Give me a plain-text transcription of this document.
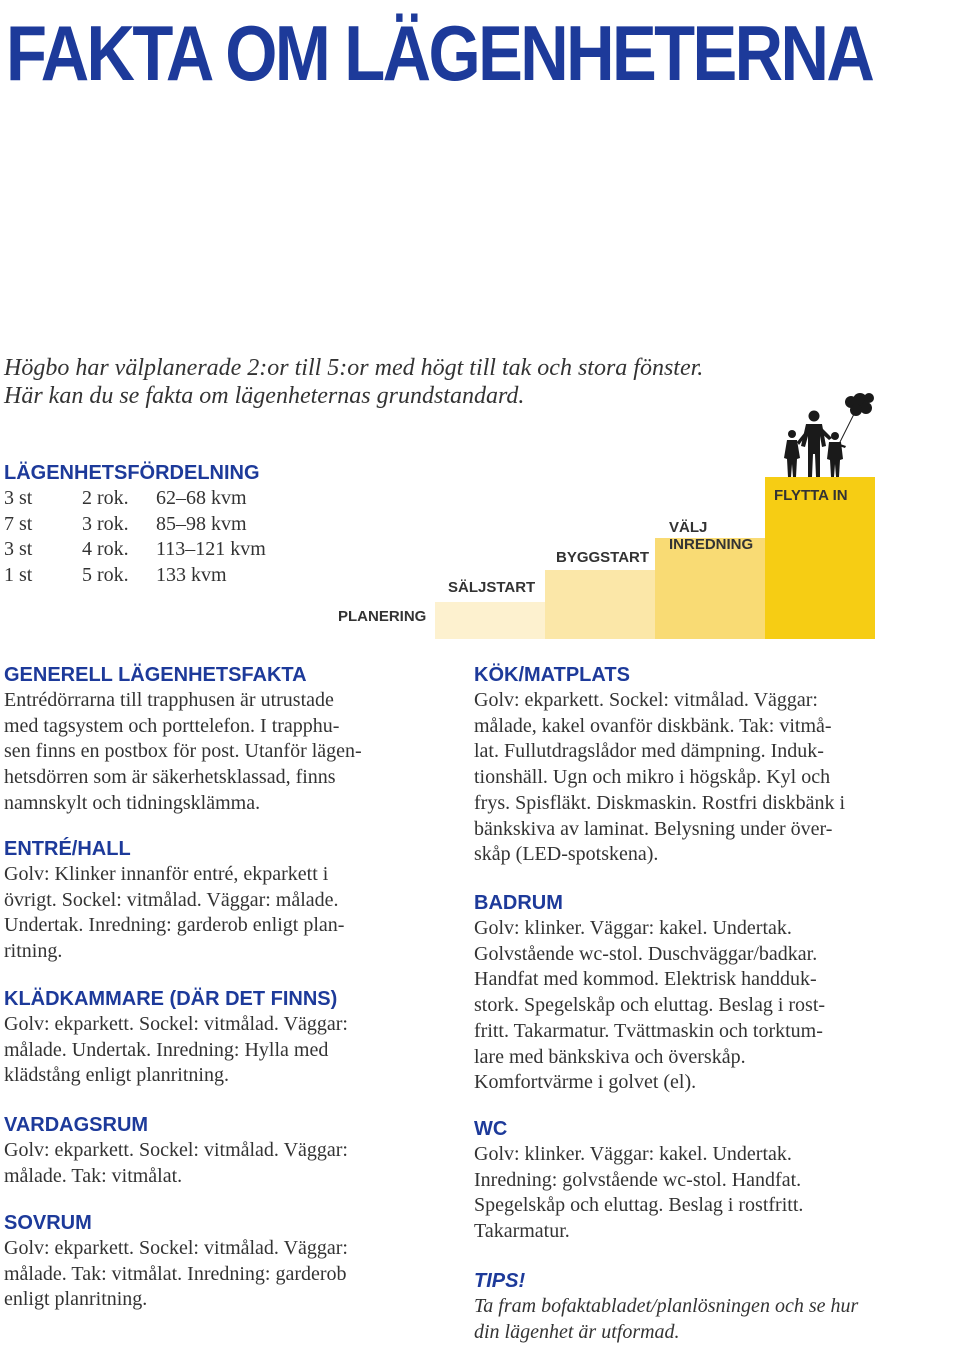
FAKTA OM LÄGENHETERNA
Högbo har välplanerade 2:or till 5:or med högt till tak och stora fönster.
Här kan du se fakta om lägenheternas grundstandard.
LÄGENHETSFÖRDELNING
3 st 2 rok. 62–68 kvm
7 st 3 rok. 85–98 kvm
3 st 4 rok. 113–121 kvm
1 st 5 rok. 133 kvm
PLANERING
SÄLJSTART
BYGGSTART
VÄLJ
INREDNING
FLYTTA IN
GENERELL LÄGENHETSFAKTA
Entrédörrarna till trapphusen är utrustade
med tagsystem och porttelefon. I trapphu-
sen finns en postbox för post. Utanför lägen-
hetsdörren som är säkerhetsklassad, finns
namnskylt och tidningsklämma.
ENTRÉ/HALL
Golv: Klinker innanför entré, ekparkett i
övrigt. Sockel: vitmålad. Väggar: målade.
Undertak. Inredning: garderob enligt plan-
ritning.
KLÄDKAMMARE (DÄR DET FINNS)
Golv: ekparkett. Sockel: vitmålad. Väggar:
målade. Undertak. Inredning: Hylla med
klädstång enligt planritning.
VARDAGSRUM
Golv: ekparkett. Sockel: vitmålad. Väggar:
målade. Tak: vitmålat.
SOVRUM
Golv: ekparkett. Sockel: vitmålad. Väggar:
målade. Tak: vitmålat. Inredning: garderob
enligt planritning.
KÖK/MATPLATS
Golv: ekparkett. Sockel: vitmålad. Väggar:
målade, kakel ovanför diskbänk. Tak: vitmå-
lat. Fullutdragslådor med dämpning. Induk-
tionshäll. Ugn och mikro i högskåp. Kyl och
frys. Spisfläkt. Diskmaskin. Rostfri diskbänk i
bänkskiva av laminat. Belysning under över-
skåp (LED-spotskena).
BADRUM
Golv: klinker. Väggar: kakel. Undertak.
Golvstående wc-stol. Duschväggar/badkar.
Handfat med kommod. Elektrisk handduk-
stork. Spegelskåp och eluttag. Beslag i rost-
fritt. Takarmatur. Tvättmaskin och torktum-
lare med bänkskiva och överskåp.
Komfortvärme i golvet (el).
WC
Golv: klinker. Väggar: kakel. Undertak.
Inredning: golvstående wc-stol. Handfat.
Spegelskåp och eluttag. Beslag i rostfritt.
Takarmatur.
TIPS!
Ta fram bofaktabladet/planlösningen och se hur
din lägenhet är utformad.
